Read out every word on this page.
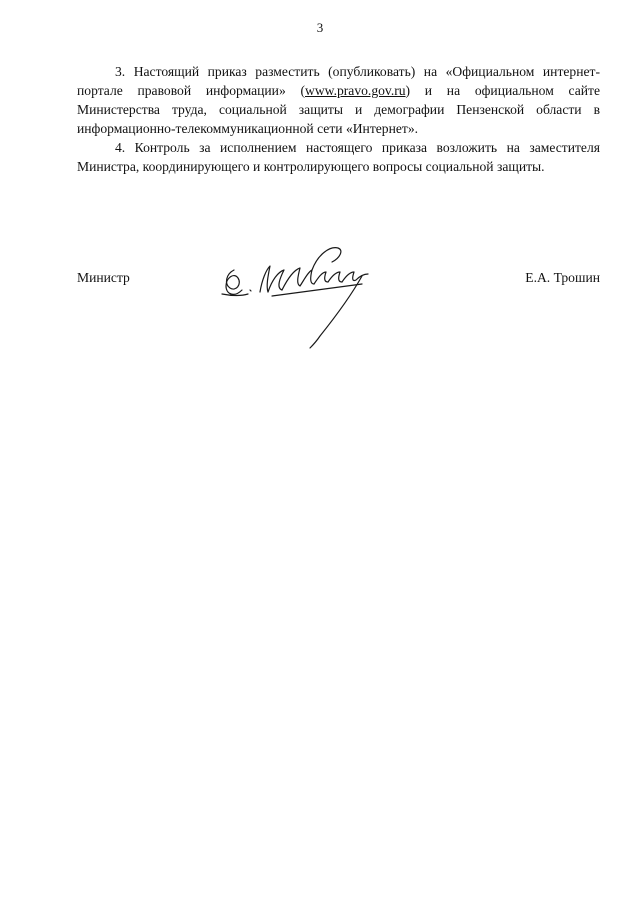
3

3. Настоящий приказ разместить (опубликовать) на «Официальном интернет-портале правовой информации» (www.pravo.gov.ru) и на официальном сайте Министерства труда, социальной защиты и демографии Пензенской области в информационно-телекоммуникационной сети «Интернет».

4. Контроль за исполнением настоящего приказа возложить на заместителя Министра, координирующего и контролирующего вопросы социальной защиты.

Министр	Е.А. Трошин
